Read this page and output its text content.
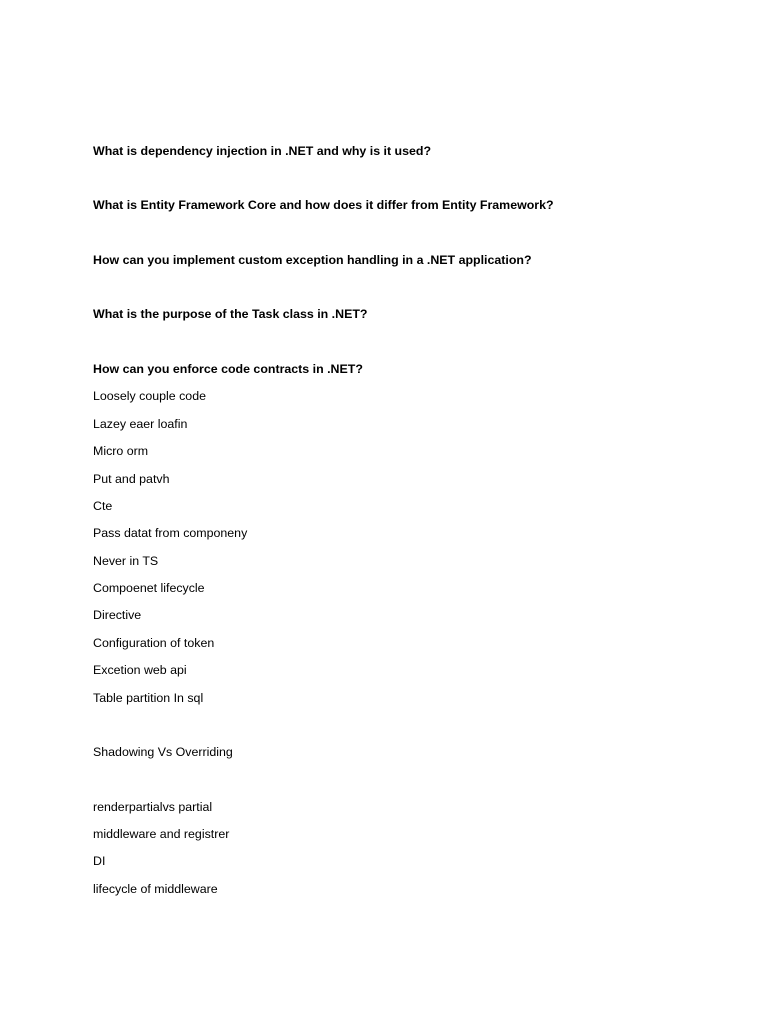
What is dependency injection in .NET and why is it used?
What is Entity Framework Core and how does it differ from Entity Framework?
How can you implement custom exception handling in a .NET application?
What is the purpose of the Task class in .NET?
How can you enforce code contracts in .NET?
Loosely couple code
Lazey eaer loafin
Micro orm
Put and patvh
Cte
Pass datat from componeny
Never in TS
Compoenet lifecycle
Directive
Configuration of token
Excetion web api
Table partition In sql
Shadowing Vs Overriding
renderpartialvs partial
middleware and registrer
DI
lifecycle of middleware
